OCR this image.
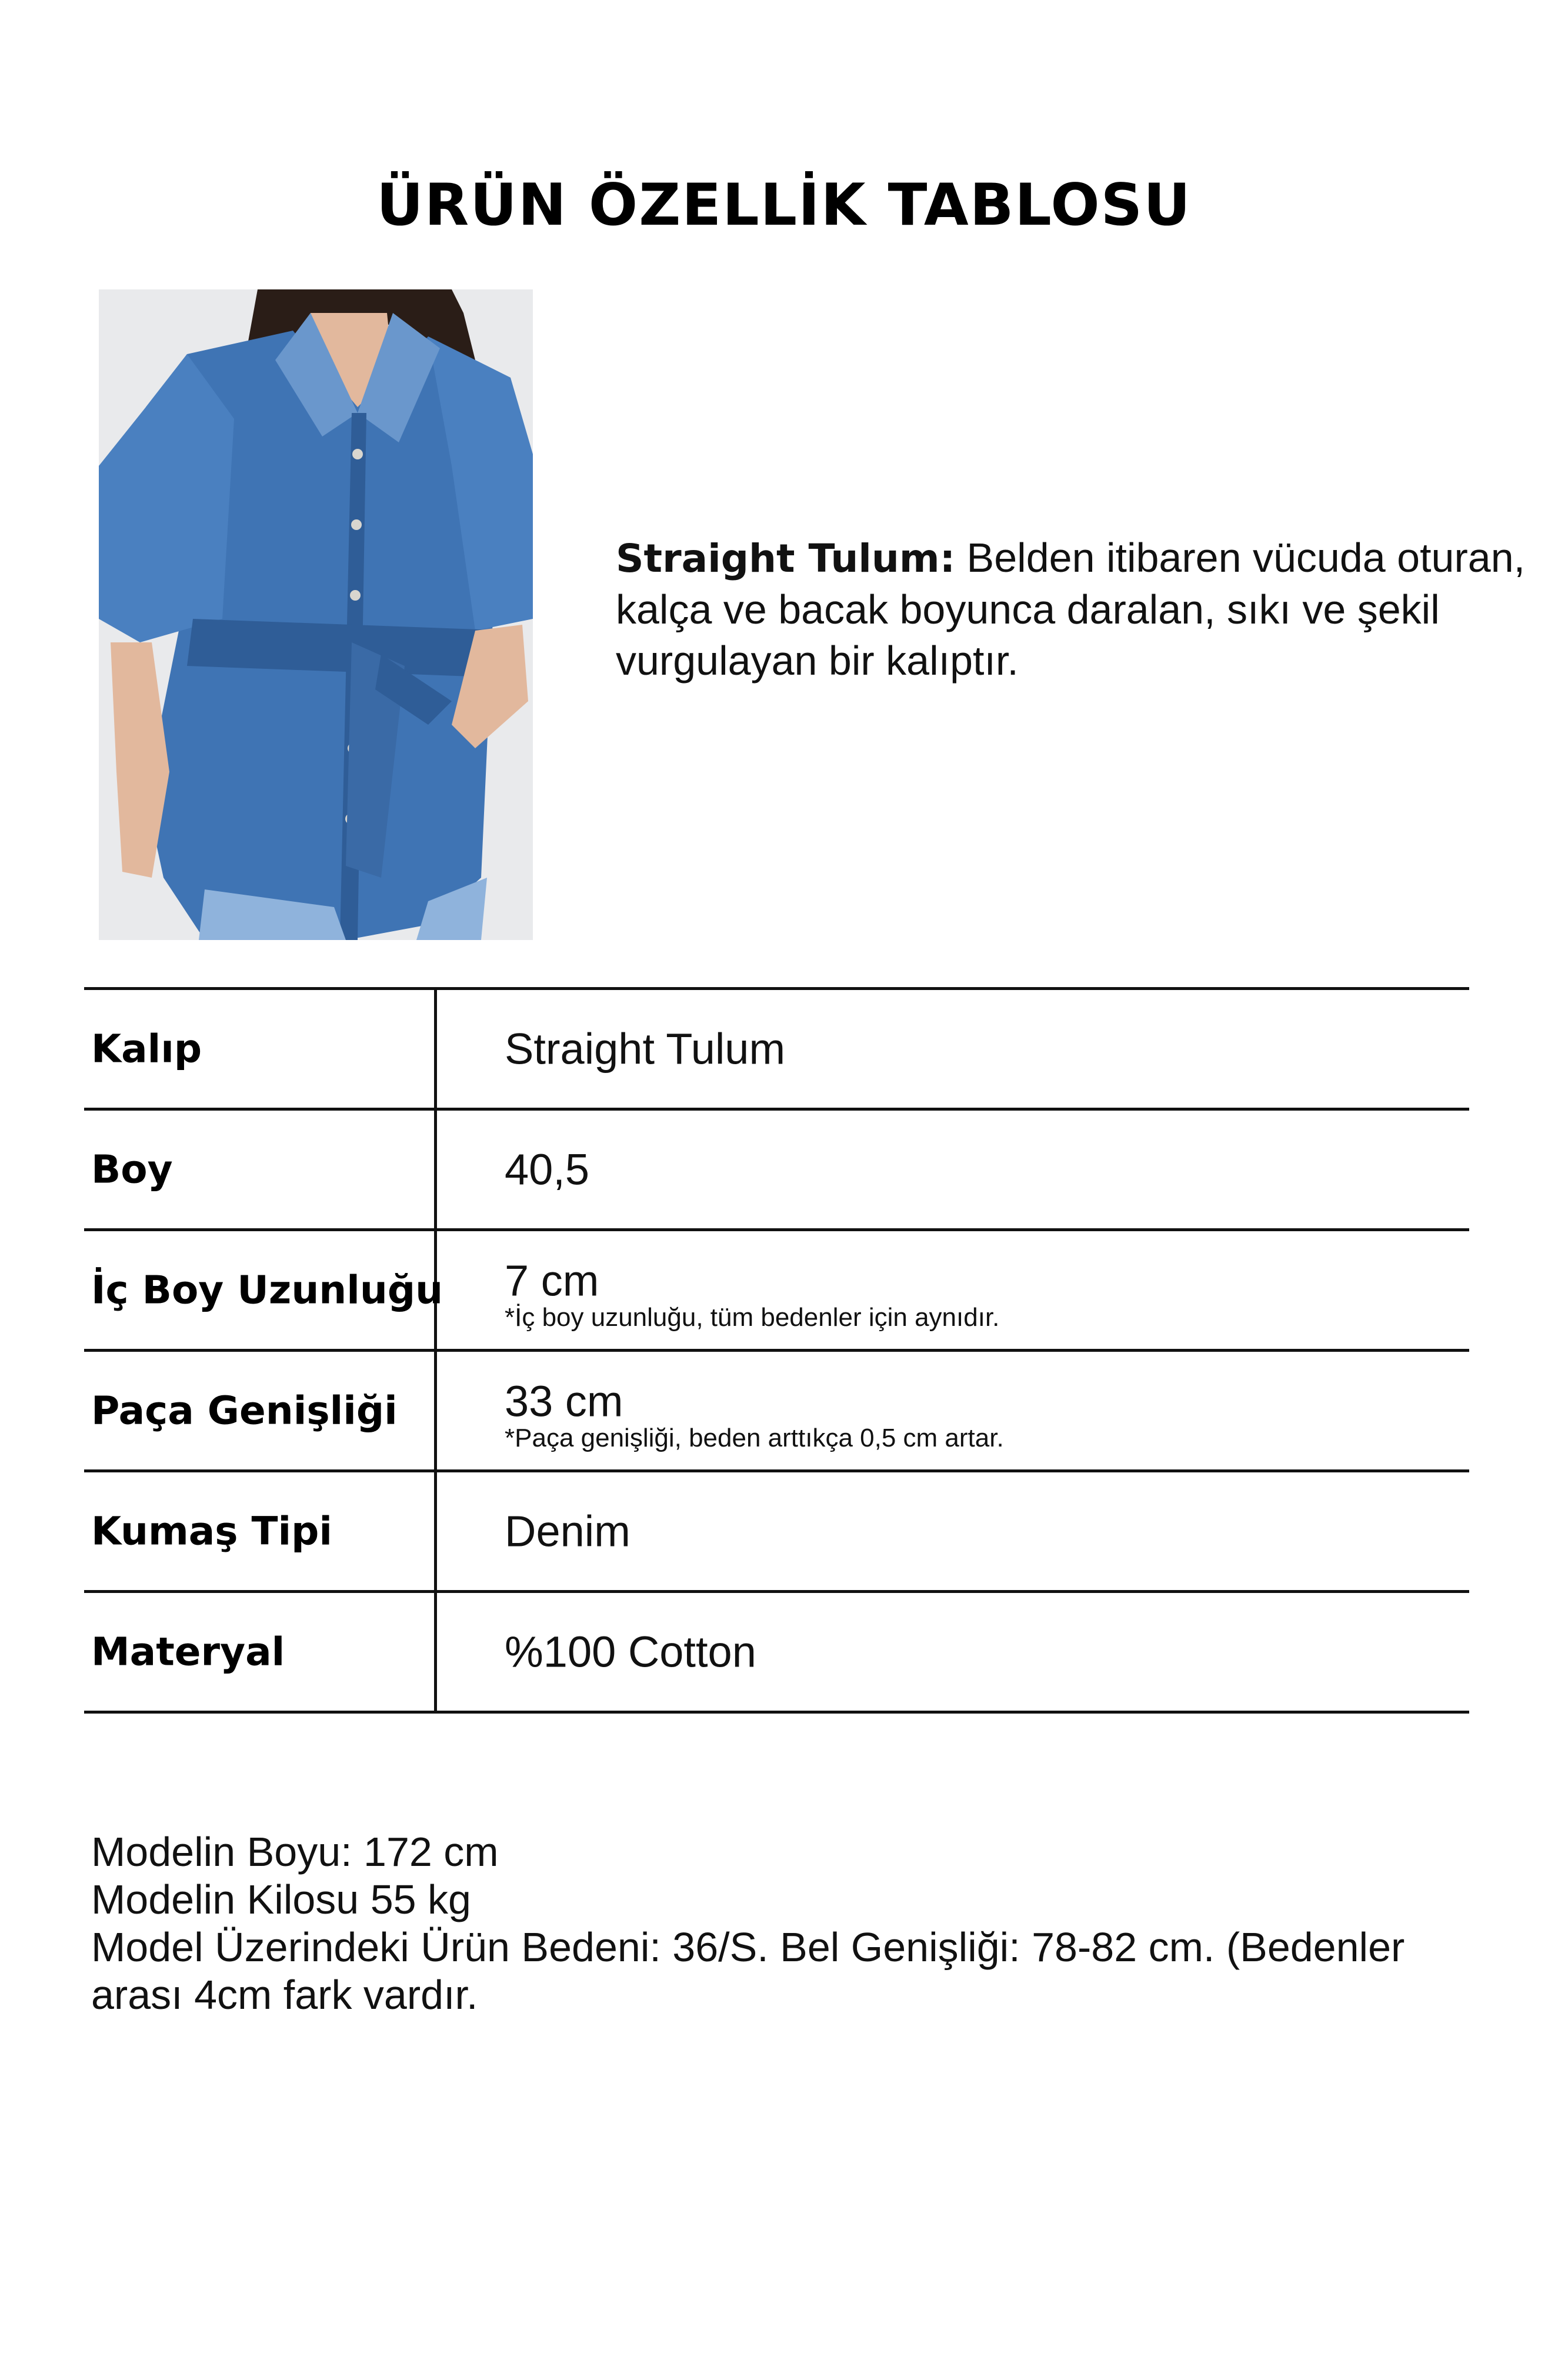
ÜRÜN ÖZELLİK TABLOSU
Straight Tulum: Belden itibaren vücuda oturan, kalça ve bacak boyunca daralan, sıkı ve şekil vurgulayan bir kalıptır.
Kalıp	Straight Tulum
Boy	40,5
İç Boy Uzunluğu 7 cm
*İç boy uzunluğu, tüm bedenler için aynıdır.
Paça Genişliği 33 cm
*Paça genişliği, beden arttıkça 0,5 cm artar.
Kumaş Tipi	Denim
Materyal	%100 Cotton
Modelin Boyu: 172 cm
Modelin Kilosu 55 kg
Model Üzerindeki Ürün Bedeni: 36/S. Bel Genişliği: 78-82 cm. (Bedenler arası 4cm fark vardır.
